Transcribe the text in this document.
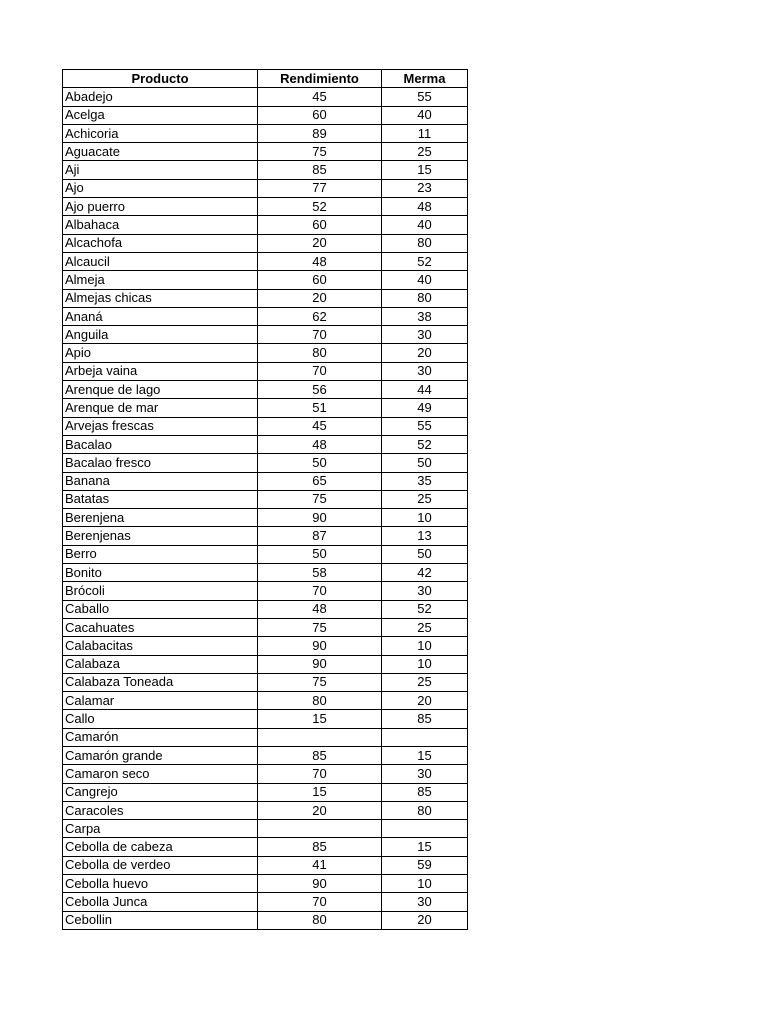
Producto	Rendimiento	Merma
Abadejo	45	55
Acelga	60	40
Achicoria	89	11
Aguacate	75	25
Aji	85	15
Ajo	77	23
Ajo puerro	52	48
Albahaca	60	40
Alcachofa	20	80
Alcaucil	48	52
Almeja	60	40
Almejas chicas	20	80
Ananá	62	38
Anguila	70	30
Apio	80	20
Arbeja vaina	70	30
Arenque de lago	56	44
Arenque de mar	51	49
Arvejas frescas	45	55
Bacalao	48	52
Bacalao fresco	50	50
Banana	65	35
Batatas	75	25
Berenjena	90	10
Berenjenas	87	13
Berro	50	50
Bonito	58	42
Brócoli	70	30
Caballo	48	52
Cacahuates	75	25
Calabacitas	90	10
Calabaza	90	10
Calabaza Toneada	75	25
Calamar	80	20
Callo	15	85
Camarón		
Camarón grande	85	15
Camaron seco	70	30
Cangrejo	15	85
Caracoles	20	80
Carpa		
Cebolla de cabeza	85	15
Cebolla de verdeo	41	59
Cebolla huevo	90	10
Cebolla Junca	70	30
Cebollin	80	20
